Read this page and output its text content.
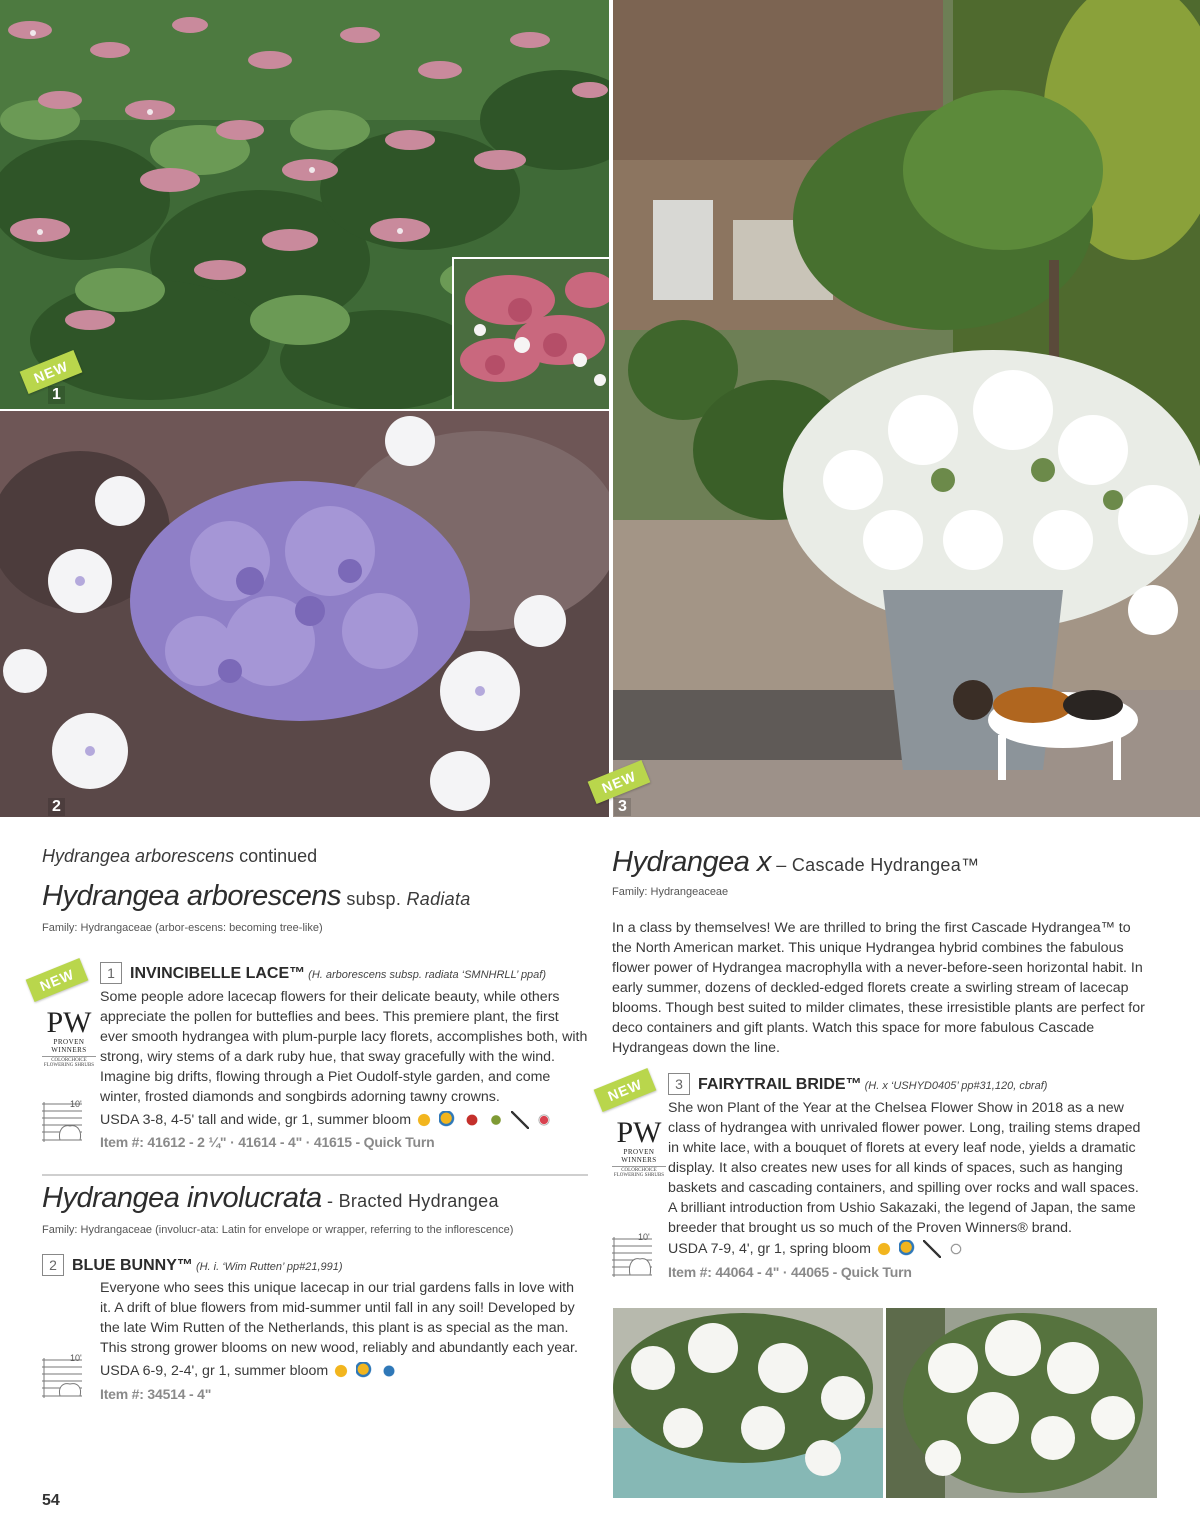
NEW
1
2
NEW
3
Hydrangea arborescens continued
Hydrangea arborescens subsp. Radiata
Family: Hydrangaceae (arbor-escens: becoming tree-like)
NEW
PW
PROVEN WINNERS
COLORCHOICE FLOWERING SHRUBS
1 INVINCIBELLE LACE™ (H. arborescens subsp. radiata ‘SMNHRLL’ ppaf)
Some people adore lacecap flowers for their delicate beauty, while others appreciate the pollen for butteflies and bees. This premiere plant, the first ever smooth hydrangea with plum-purple lacy florets, accomplishes both, with strong, wiry stems of a dark ruby hue, that sway gracefully with the wind. Imagine big drifts, flowing through a Piet Oudolf-style garden, and come winter, frosted diamonds and songbirds adorning tawny crowns.
10'
USDA 3-8, 4-5' tall and wide, gr 1, summer bloom
Item #: 41612 - 2 ¼" · 41614 - 4" · 41615 - Quick Turn
Hydrangea involucrata - Bracted Hydrangea
Family: Hydrangaceae (involucr-ata: Latin for envelope or wrapper, referring to the inflorescence)
2 BLUE BUNNY™ (H. i. ‘Wim Rutten’ pp#21,991)
Everyone who sees this unique lacecap in our trial gardens falls in love with it. A drift of blue flowers from mid-summer until fall in any soil! Developed by the late Wim Rutten of the Netherlands, this plant is as special as the man. This strong grower blooms on new wood, reliably and abundantly each year.
10'
USDA 6-9, 2-4', gr 1, summer bloom
Item #: 34514 - 4"
54
Hydrangea x – Cascade Hydrangea™
Family: Hydrangeaceae
In a class by themselves! We are thrilled to bring the first Cascade Hydrangea™ to the North American market. This unique Hydrangea hybrid combines the fabulous flower power of Hydrangea macrophylla with a never-before-seen horizontal habit. In early summer, dozens of deckled-edged florets create a swirling stream of lacecap blooms. Though best suited to milder climates, these irresistible plants are perfect for deco containers and gift plants. Watch this space for more fabulous Cascade Hydrangeas down the line.
NEW
PW
PROVEN WINNERS
COLORCHOICE FLOWERING SHRUBS
3 FAIRYTRAIL BRIDE™ (H. x ‘USHYD0405’ pp#31,120, cbraf)
She won Plant of the Year at the Chelsea Flower Show in 2018 as a new class of hydrangea with unrivaled flower power. Long, trailing stems draped in white lace, with a bouquet of florets at every leaf node, yields a dramatic display. It also creates new uses for all kinds of spaces, such as hanging baskets and cascading containers, and spilling over rocks and wall spaces. A brilliant introduction from Ushio Sakazaki, the legend of Japan, the same breeder that brought us so much of the Proven Winners® brand.
10'
USDA 7-9, 4', gr 1, spring bloom
Item #: 44064 - 4" · 44065 - Quick Turn
